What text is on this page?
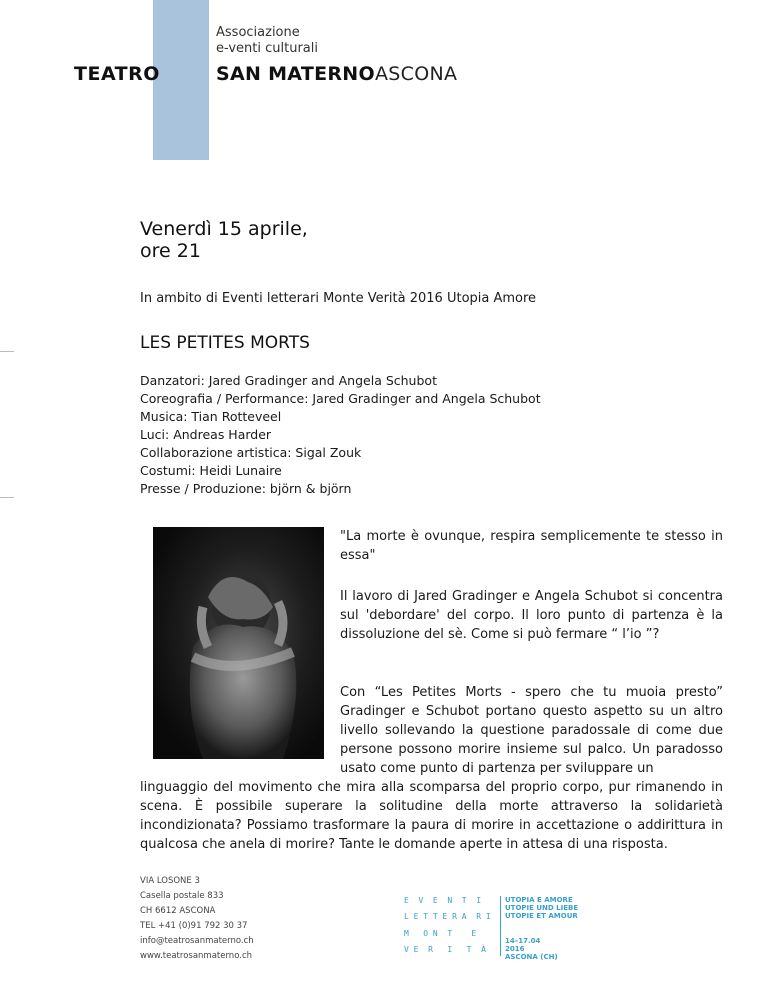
Associazione
e-venti culturali
TEATRO	SAN MATERNOASCONA
Venerdì 15 aprile,
ore 21
In ambito di Eventi letterari Monte Verità 2016 Utopia Amore
LES PETITES MORTS
Danzatori: Jared Gradinger and Angela Schubot
Coreografia / Performance: Jared Gradinger and Angela Schubot
Musica: Tian Rotteveel
Luci: Andreas Harder
Collaborazione artistica: Sigal Zouk
Costumi: Heidi Lunaire
Presse / Produzione: björn & björn

"La morte è ovunque, respira semplicemente te stesso in essa"

Il lavoro di Jared Gradinger e Angela Schubot si concentra sul 'debordare' del corpo. Il loro punto di partenza è la dissoluzione del sè. Come si può fermare “ l’io ”?

Con “Les Petites Morts - spero che tu muoia presto” Gradinger e Schubot portano questo aspetto su un altro livello sollevando la questione paradossale di come due persone possono morire insieme sul palco. Un paradosso usato come punto di partenza per sviluppare un

linguaggio del movimento che mira alla scomparsa del proprio corpo, pur rimanendo in scena. È possibile superare la solitudine della morte attraverso la solidarietà incondizionata? Possiamo trasformare la paura di morire in accettazione o addirittura in qualcosa che anela di morire? Tante le domande aperte in attesa di una risposta.

VIA LOSONE 3
Casella postale 833
CH 6612 ASCONA
TEL +41 (0)91 792 30 37
info@teatrosanmaterno.ch
www.teatrosanmaterno.ch
E  V  E  N  T  I
L E T T E R A  R I
M   O N  T    E
V E  R   I   T  À
UTOPIA E AMORE
UTOPIE UND LIEBE
UTOPIE ET AMOUR
14–17.04
2016
ASCONA (CH)
